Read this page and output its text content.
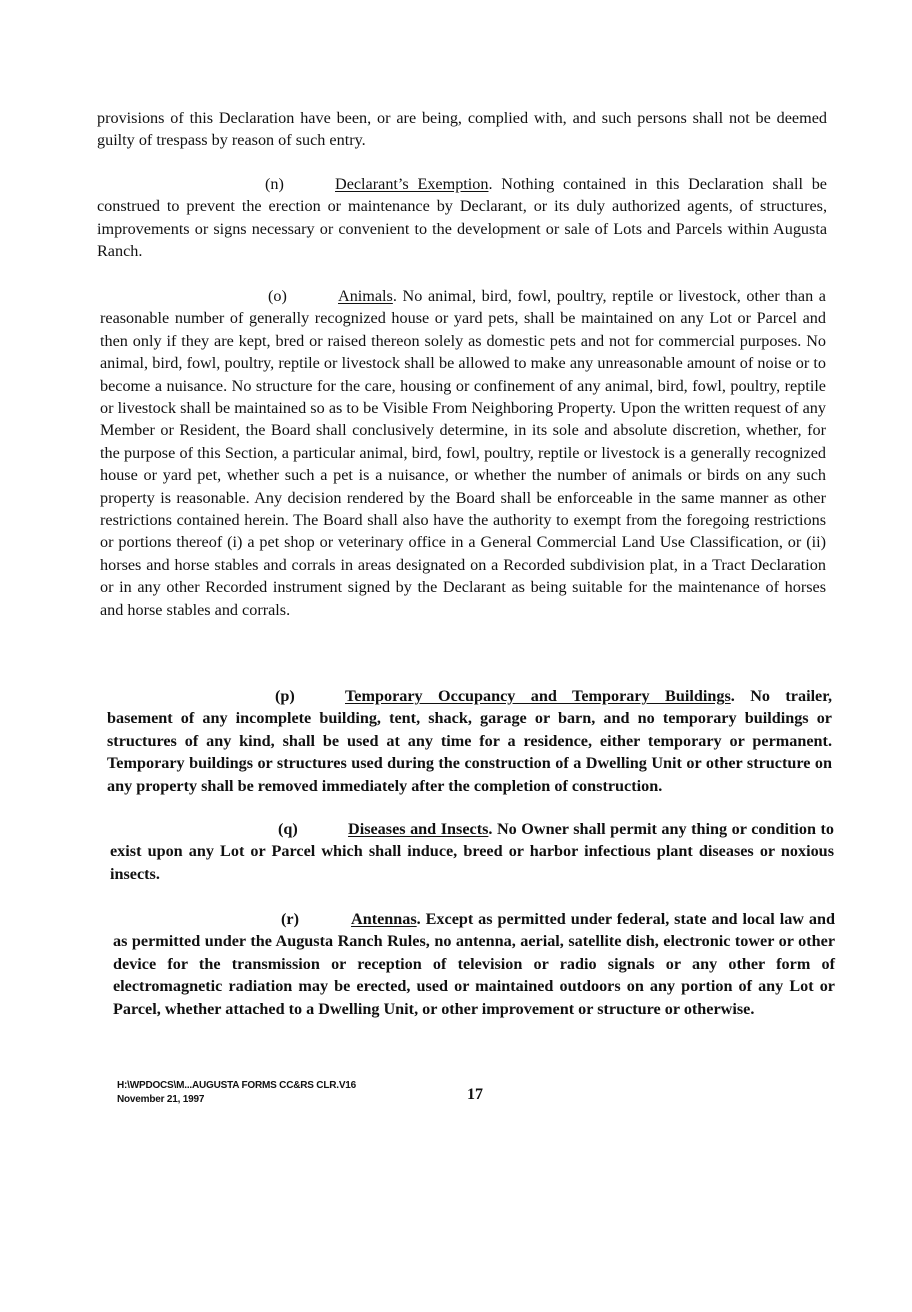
provisions of this Declaration have been, or are being, complied with, and such persons shall not be deemed guilty of trespass by reason of such entry.

(n)	Declarant’s Exemption. Nothing contained in this Declaration shall be construed to prevent the erection or maintenance by Declarant, or its duly authorized agents, of structures, improvements or signs necessary or convenient to the development or sale of Lots and Parcels within Augusta Ranch.

(o)	Animals. No animal, bird, fowl, poultry, reptile or livestock, other than a reasonable number of generally recognized house or yard pets, shall be maintained on any Lot or Parcel and then only if they are kept, bred or raised thereon solely as domestic pets and not for commercial purposes. No animal, bird, fowl, poultry, reptile or livestock shall be allowed to make any unreasonable amount of noise or to become a nuisance. No structure for the care, housing or confinement of any animal, bird, fowl, poultry, reptile or livestock shall be maintained so as to be Visible From Neighboring Property. Upon the written request of any Member or Resident, the Board shall conclusively determine, in its sole and absolute discretion, whether, for the purpose of this Section, a particular animal, bird, fowl, poultry, reptile or livestock is a generally recognized house or yard pet, whether such a pet is a nuisance, or whether the number of animals or birds on any such property is reasonable. Any decision rendered by the Board shall be enforceable in the same manner as other restrictions contained herein. The Board shall also have the authority to exempt from the foregoing restrictions or portions thereof (i) a pet shop or veterinary office in a General Commercial Land Use Classification, or (ii) horses and horse stables and corrals in areas designated on a Recorded subdivision plat, in a Tract Declaration or in any other Recorded instrument signed by the Declarant as being suitable for the maintenance of horses and horse stables and corrals.

(p)	Temporary Occupancy and Temporary Buildings. No trailer, basement of any incomplete building, tent, shack, garage or barn, and no temporary buildings or structures of any kind, shall be used at any time for a residence, either temporary or permanent. Temporary buildings or structures used during the construction of a Dwelling Unit or other structure on any property shall be removed immediately after the completion of construction.

(q)	Diseases and Insects. No Owner shall permit any thing or condition to exist upon any Lot or Parcel which shall induce, breed or harbor infectious plant diseases or noxious insects.

(r)	Antennas. Except as permitted under federal, state and local law and as permitted under the Augusta Ranch Rules, no antenna, aerial, satellite dish, electronic tower or other device for the transmission or reception of television or radio signals or any other form of electromagnetic radiation may be erected, used or maintained outdoors on any portion of any Lot or Parcel, whether attached to a Dwelling Unit, or other improvement or structure or otherwise.

H:\WPDOCS\M...AUGUSTA FORMS CC&RS CLR.V16
November 21, 1997	17
